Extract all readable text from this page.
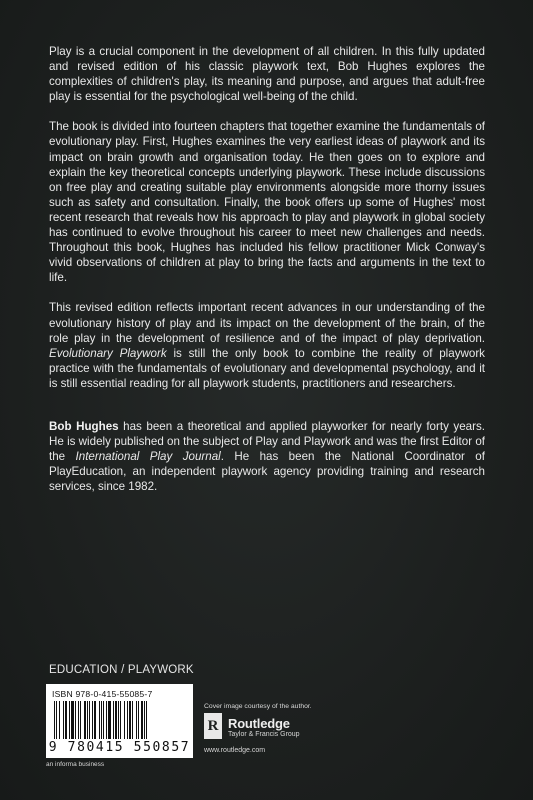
Play is a crucial component in the development of all children. In this fully updated and revised edition of his classic playwork text, Bob Hughes explores the complexities of children's play, its meaning and purpose, and argues that adult-free play is essential for the psychological well-being of the child.

The book is divided into fourteen chapters that together examine the fundamentals of evolutionary play. First, Hughes examines the very earliest ideas of playwork and its impact on brain growth and organisation today. He then goes on to explore and explain the key theoretical concepts underlying playwork. These include discussions on free play and creating suitable play environments alongside more thorny issues such as safety and consultation. Finally, the book offers up some of Hughes' most recent research that reveals how his approach to play and playwork in global society has continued to evolve throughout his career to meet new challenges and needs. Throughout this book, Hughes has included his fellow practitioner Mick Conway's vivid observations of children at play to bring the facts and arguments in the text to life.

This revised edition reflects important recent advances in our understanding of the evolutionary history of play and its impact on the development of the brain, of the role play in the development of resilience and of the impact of play deprivation. Evolutionary Playwork is still the only book to combine the reality of playwork practice with the fundamentals of evolutionary and developmental psychology, and it is still essential reading for all playwork students, practitioners and researchers.

Bob Hughes has been a theoretical and applied playworker for nearly forty years. He is widely published on the subject of Play and Playwork and was the first Editor of the International Play Journal. He has been the National Coordinator of PlayEducation, an independent playwork agency providing training and research services, since 1982.

EDUCATION / PLAYWORK
ISBN 978-0-415-55085-7
9 780415 550857
an informa business
Cover image courtesy of the author.
R Routledge
Taylor & Francis Group
www.routledge.com
